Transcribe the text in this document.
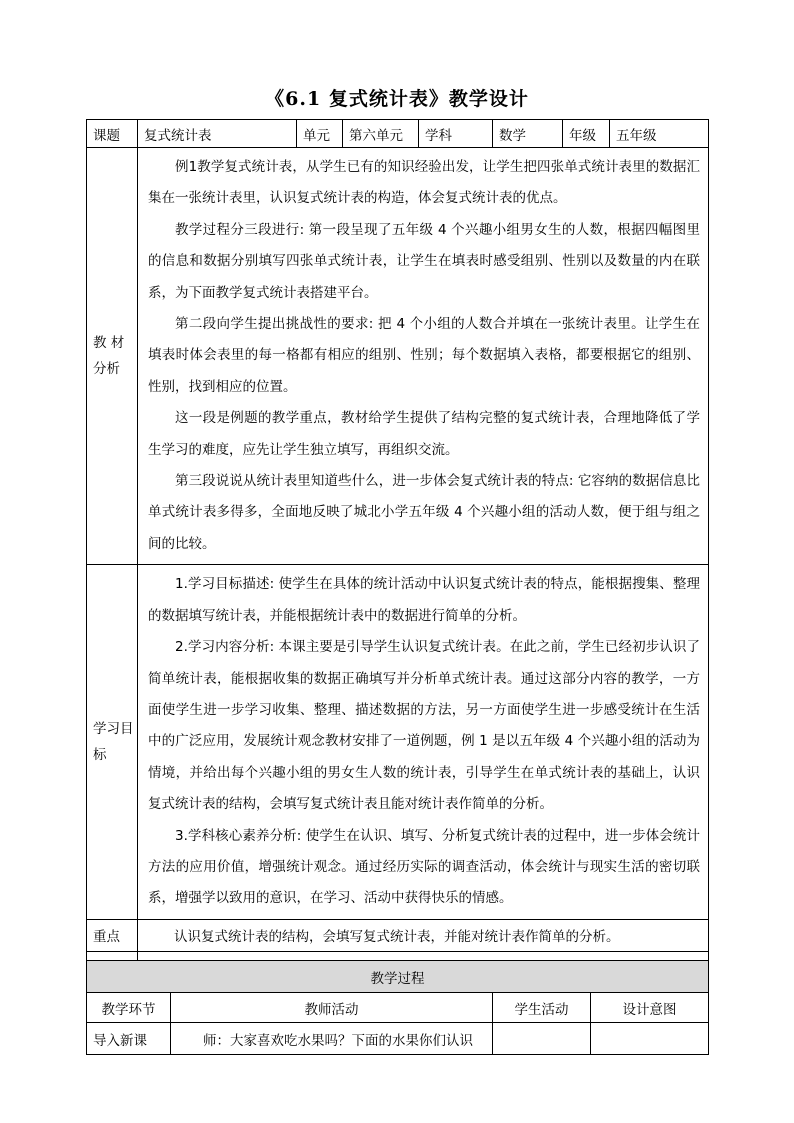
《6.1 复式统计表》教学设计
课题	复式统计表	单元	第六单元	学科	数学	年级	五年级
教 材分析	例1教学复式统计表，从学生已有的知识经验出发，让学生把四张单式统计表里的数据汇集在一张统计表里，认识复式统计表的构造，体会复式统计表的优点。

教学过程分三段进行: 第一段呈现了五年级 4 个兴趣小组男女生的人数，根据四幅图里的信息和数据分别填写四张单式统计表，让学生在填表时感受组别、性别以及数量的内在联系，为下面教学复式统计表搭建平台。

第二段向学生提出挑战性的要求: 把 4 个小组的人数合并填在一张统计表里。让学生在填表时体会表里的每一格都有相应的组别、性别；每个数据填入表格，都要根据它的组别、性别，找到相应的位置。

这一段是例题的教学重点，教材给学生提供了结构完整的复式统计表，合理地降低了学生学习的难度，应先让学生独立填写，再组织交流。

第三段说说从统计表里知道些什么，进一步体会复式统计表的特点: 它容纳的数据信息比单式统计表多得多，全面地反映了城北小学五年级 4 个兴趣小组的活动人数，便于组与组之间的比较。						

学习目标	1.学习目标描述: 使学生在具体的统计活动中认识复式统计表的特点，能根据搜集、整理的数据填写统计表，并能根据统计表中的数据进行简单的分析。

2.学习内容分析: 本课主要是引导学生认识复式统计表。在此之前，学生已经初步认识了简单统计表，能根据收集的数据正确填写并分析单式统计表。通过这部分内容的教学，一方面使学生进一步学习收集、整理、描述数据的方法，另一方面使学生进一步感受统计在生活中的广泛应用，发展统计观念教材安排了一道例题，例 1 是以五年级 4 个兴趣小组的活动为情境，并给出每个兴趣小组的男女生人数的统计表，引导学生在单式统计表的基础上，认识复式统计表的结构，会填写复式统计表且能对统计表作简单的分析。

3.学科核心素养分析: 使学生在认识、填写、分析复式统计表的过程中，进一步体会统计方法的应用价值，增强统计观念。通过经历实际的调查活动，体会统计与现实生活的密切联系，增强学以致用的意识，在学习、活动中获得快乐的情感。						

重点	认识复式统计表的结构，会填写复式统计表，并能对统计表作简单的分析。						

教学过程			
教学环节	教师活动	学生活动	设计意图
导入新课	师：大家喜欢吃水果吗？下面的水果你们认识		
